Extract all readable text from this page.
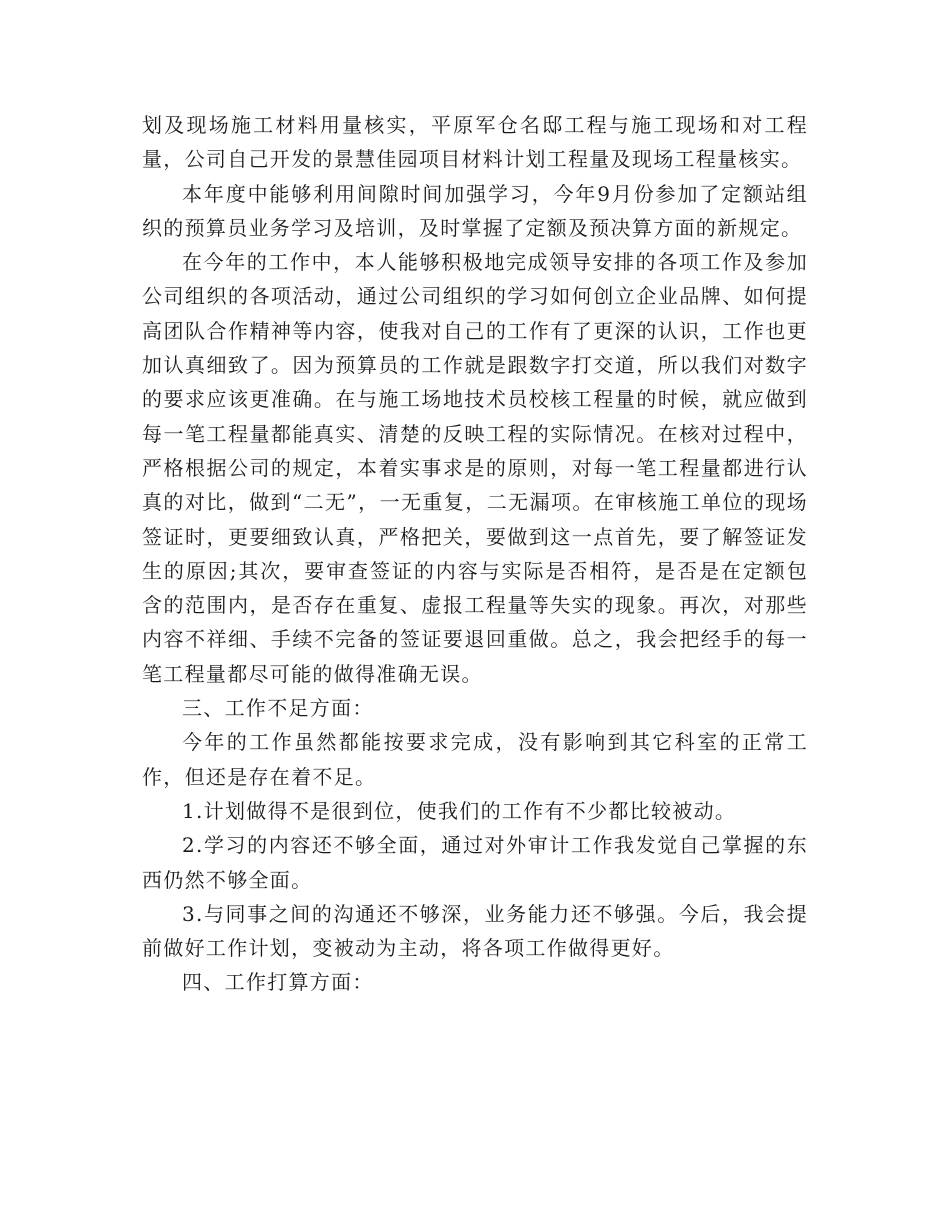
划及现场施工材料用量核实，平原军仓名邸工程与施工现场和对工程量，公司自己开发的景慧佳园项目材料计划工程量及现场工程量核实。

本年度中能够利用间隙时间加强学习，今年9月份参加了定额站组织的预算员业务学习及培训，及时掌握了定额及预决算方面的新规定。

在今年的工作中，本人能够积极地完成领导安排的各项工作及参加公司组织的各项活动，通过公司组织的学习如何创立企业品牌、如何提高团队合作精神等内容，使我对自己的工作有了更深的认识，工作也更加认真细致了。因为预算员的工作就是跟数字打交道，所以我们对数字的要求应该更准确。在与施工场地技术员校核工程量的时候，就应做到每一笔工程量都能真实、清楚的反映工程的实际情况。在核对过程中，严格根据公司的规定，本着实事求是的原则，对每一笔工程量都进行认真的对比，做到“二无”，一无重复，二无漏项。在审核施工单位的现场签证时，更要细致认真，严格把关，要做到这一点首先，要了解签证发生的原因;其次，要审查签证的内容与实际是否相符，是否是在定额包含的范围内，是否存在重复、虚报工程量等失实的现象。再次，对那些内容不祥细、手续不完备的签证要退回重做。总之，我会把经手的每一笔工程量都尽可能的做得准确无误。

三、工作不足方面：

今年的工作虽然都能按要求完成，没有影响到其它科室的正常工作，但还是存在着不足。

1.计划做得不是很到位，使我们的工作有不少都比较被动。

2.学习的内容还不够全面，通过对外审计工作我发觉自己掌握的东西仍然不够全面。

3.与同事之间的沟通还不够深，业务能力还不够强。今后，我会提前做好工作计划，变被动为主动，将各项工作做得更好。

四、工作打算方面：
